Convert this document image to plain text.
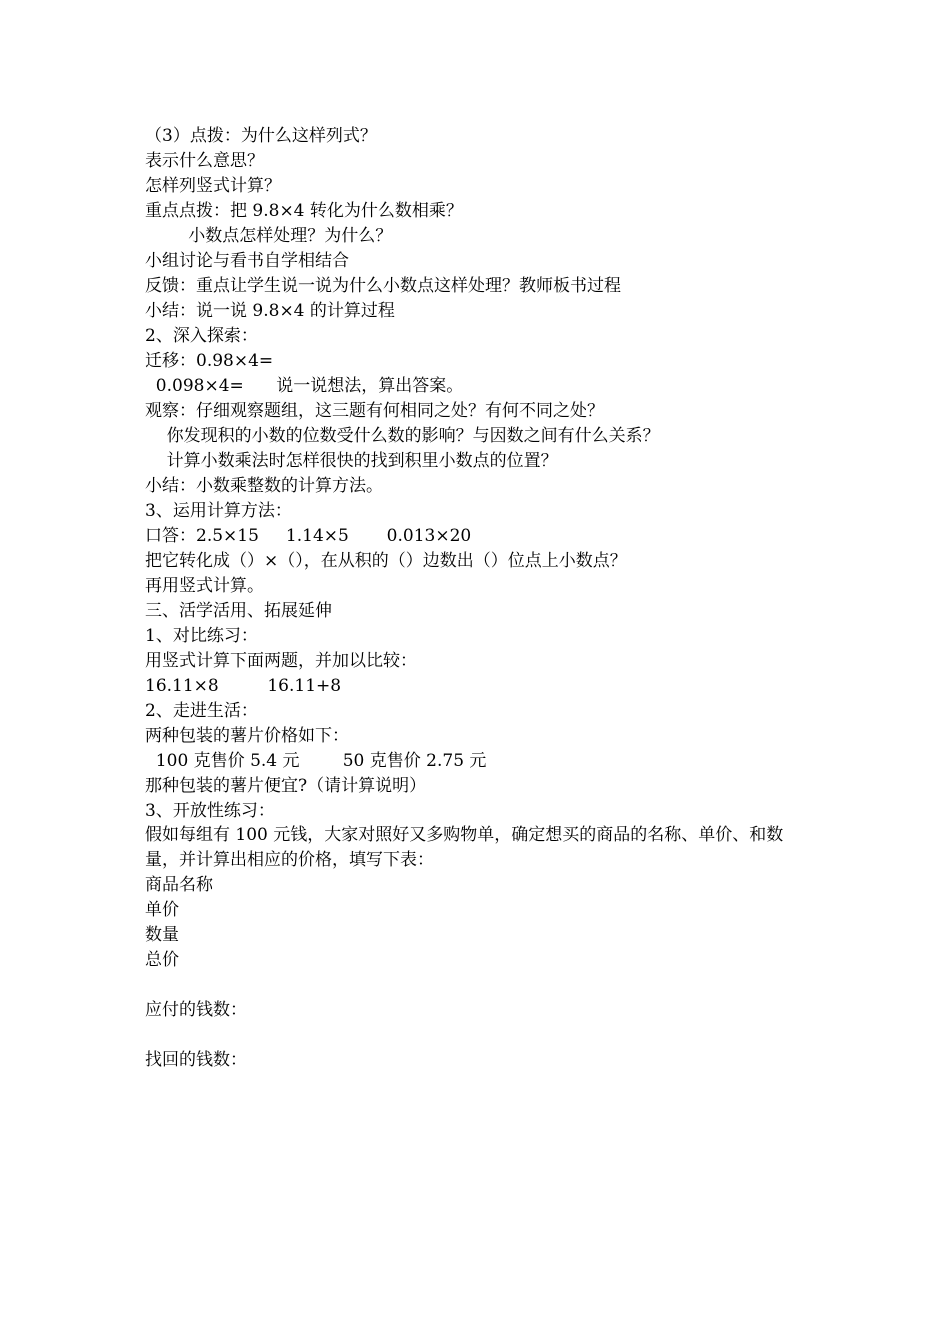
（3）点拨：为什么这样列式？
表示什么意思？
怎样列竖式计算？
重点点拨：把 9.8×4 转化为什么数相乘？
小数点怎样处理？为什么？
小组讨论与看书自学相结合
反馈：重点让学生说一说为什么小数点这样处理？教师板书过程
小结：说一说 9.8×4 的计算过程
2、深入探索：
迁移：0.98×4=
0.098×4=      说一说想法，算出答案。
观察：仔细观察题组，这三题有何相同之处？有何不同之处？
你发现积的小数的位数受什么数的影响？与因数之间有什么关系？
计算小数乘法时怎样很快的找到积里小数点的位置？
小结：小数乘整数的计算方法。
3、运用计算方法：
口答：2.5×15     1.14×5       0.013×20
把它转化成（）×（），在从积的（）边数出（）位点上小数点？
再用竖式计算。
三、活学活用、拓展延伸
1、对比练习：
用竖式计算下面两题，并加以比较：
16.11×8         16.11+8
2、走进生活：
两种包装的薯片价格如下：
100 克售价 5.4 元        50 克售价 2.75 元
那种包装的薯片便宜?（请计算说明）
3、开放性练习：
假如每组有 100 元钱，大家对照好又多购物单，确定想买的商品的名称、单价、和数量，并计算出相应的价格，填写下表：
商品名称
单价
数量
总价
应付的钱数：
找回的钱数：
